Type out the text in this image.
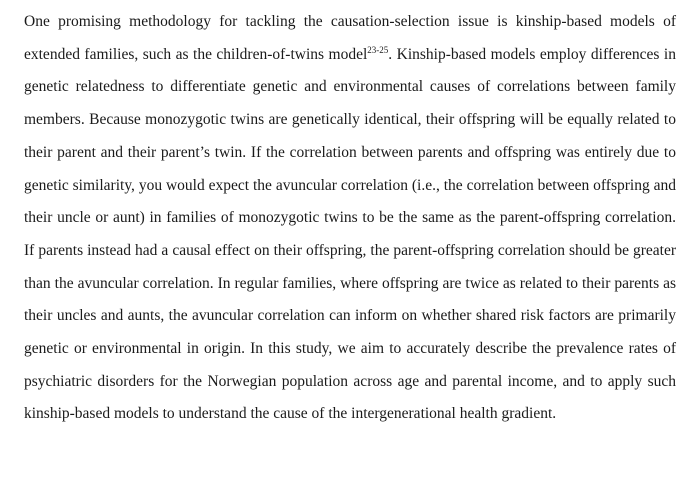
One promising methodology for tackling the causation-selection issue is kinship-based models of extended families, such as the children-of-twins model$^{23-25}$. Kinship-based models employ differences in genetic relatedness to differentiate genetic and environmental causes of correlations between family members. Because monozygotic twins are genetically identical, their offspring will be equally related to their parent and their parent’s twin. If the correlation between parents and offspring was entirely due to genetic similarity, you would expect the avuncular correlation (i.e., the correlation between offspring and their uncle or aunt) in families of monozygotic twins to be the same as the parent-offspring correlation. If parents instead had a causal effect on their offspring, the parent-offspring correlation should be greater than the avuncular correlation. In regular families, where offspring are twice as related to their parents as their uncles and aunts, the avuncular correlation can inform on whether shared risk factors are primarily genetic or environmental in origin. In this study, we aim to accurately describe the prevalence rates of psychiatric disorders for the Norwegian population across age and parental income, and to apply such kinship-based models to understand the cause of the intergenerational health gradient.
